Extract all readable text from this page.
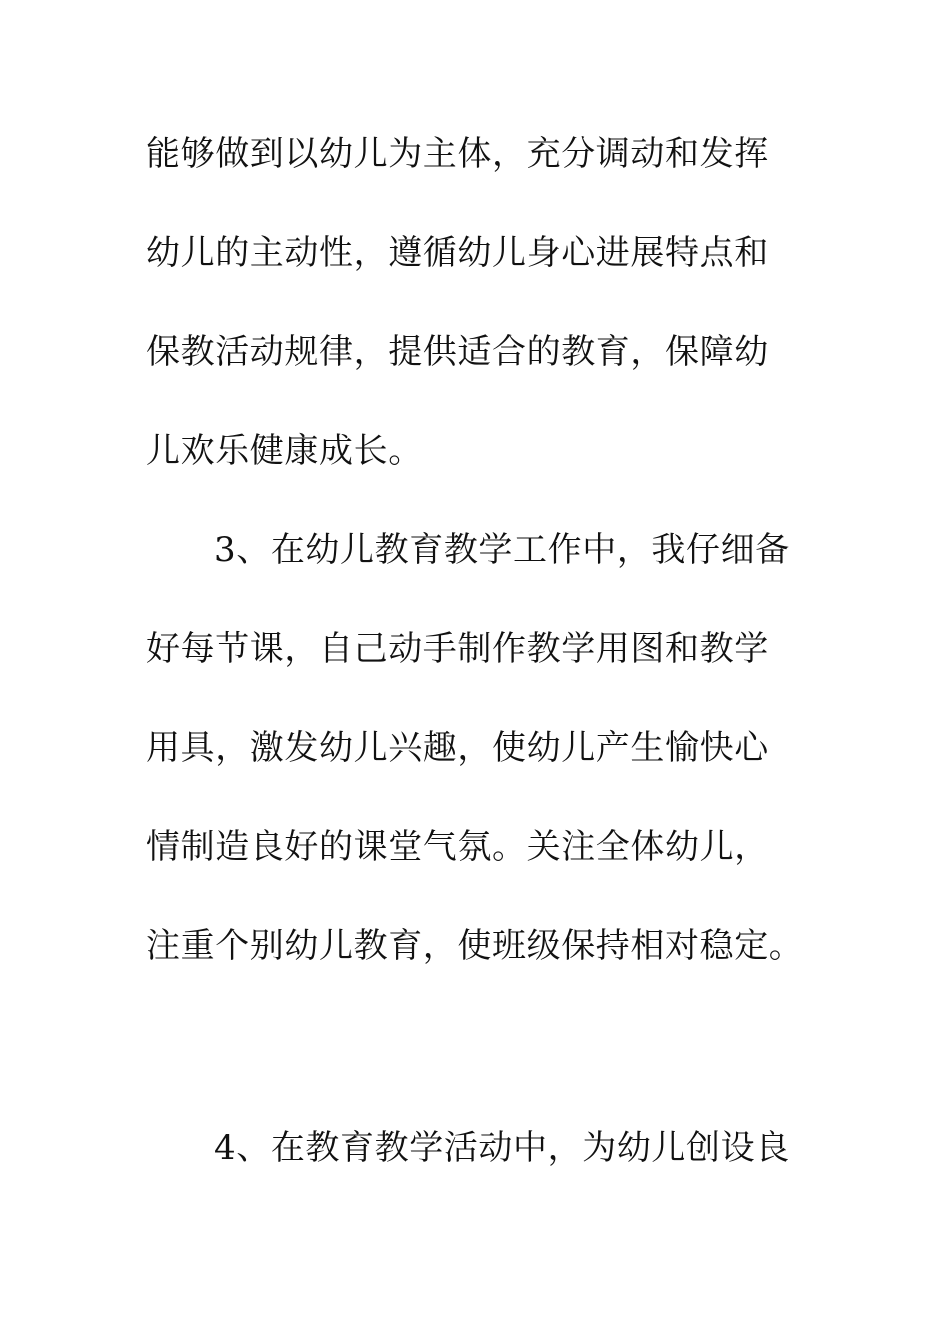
能够做到以幼儿为主体，充分调动和发挥
幼儿的主动性，遵循幼儿身心进展特点和
保教活动规律，提供适合的教育，保障幼
儿欢乐健康成长。
3、在幼儿教育教学工作中，我仔细备
好每节课，自己动手制作教学用图和教学
用具，激发幼儿兴趣，使幼儿产生愉快心
情制造良好的课堂气氛。关注全体幼儿，
注重个别幼儿教育，使班级保持相对稳定。
4、在教育教学活动中，为幼儿创设良
